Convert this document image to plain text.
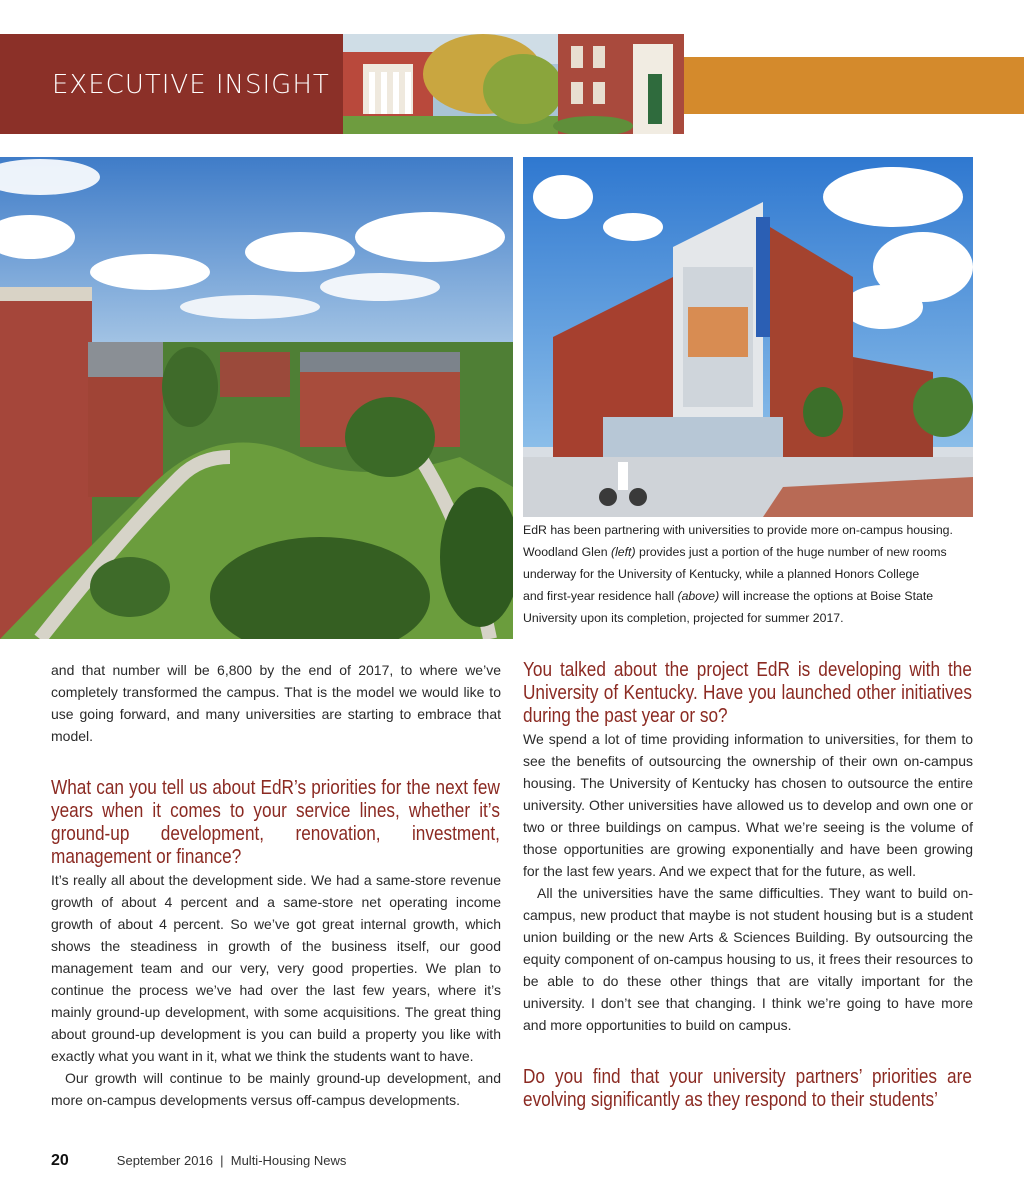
EXECUTIVE INSIGHT

EdR has been partnering with universities to provide more on-campus housing.

Woodland Glen (left) provides just a portion of the huge number of new rooms

underway for the University of Kentucky, while a planned Honors College

and first-year residence hall (above) will increase the options at Boise State

University upon its completion, projected for summer 2017.

and that number will be 6,800 by the end of 2017, to where we’ve completely transformed the campus. That is the model we would like to use going forward, and many universities are starting to embrace that model.

What can you tell us about EdR’s priorities for the next few years when it comes to your service lines, whether it’s ground-up development, renovation, investment, management or finance?

It’s really all about the development side. We had a same-store revenue growth of about 4 percent and a same-store net operating income growth of about 4 percent. So we’ve got great internal growth, which shows the steadiness in growth of the business itself, our good management team and our very, very good properties. We plan to continue the process we’ve had over the last few years, where it’s mainly ground-up development, with some acquisitions. The great thing about ground-up development is you can build a property you like with exactly what you want in it, what we think the students want to have.

Our growth will continue to be mainly ground-up development, and more on-campus developments versus off-campus developments.

You talked about the project EdR is developing with the University of Kentucky. Have you launched other initiatives during the past year or so?

We spend a lot of time providing information to universities, for them to see the benefits of outsourcing the ownership of their own on-campus housing. The University of Kentucky has chosen to outsource the entire university. Other universities have allowed us to develop and own one or two or three buildings on campus. What we’re seeing is the volume of those opportunities are growing exponentially and have been growing for the last few years. And we expect that for the future, as well.

All the universities have the same difficulties. They want to build on-campus, new product that maybe is not student housing but is a student union building or the new Arts & Sciences Building. By outsourcing the equity component of on-campus housing to us, it frees their resources to be able to do these other things that are vitally important for the university. I don’t see that changing. I think we’re going to have more and more opportunities to build on campus.

Do you find that your university partners’ priorities are evolving significantly as they respond to their students’

20	September 2016  |  Multi-Housing News
